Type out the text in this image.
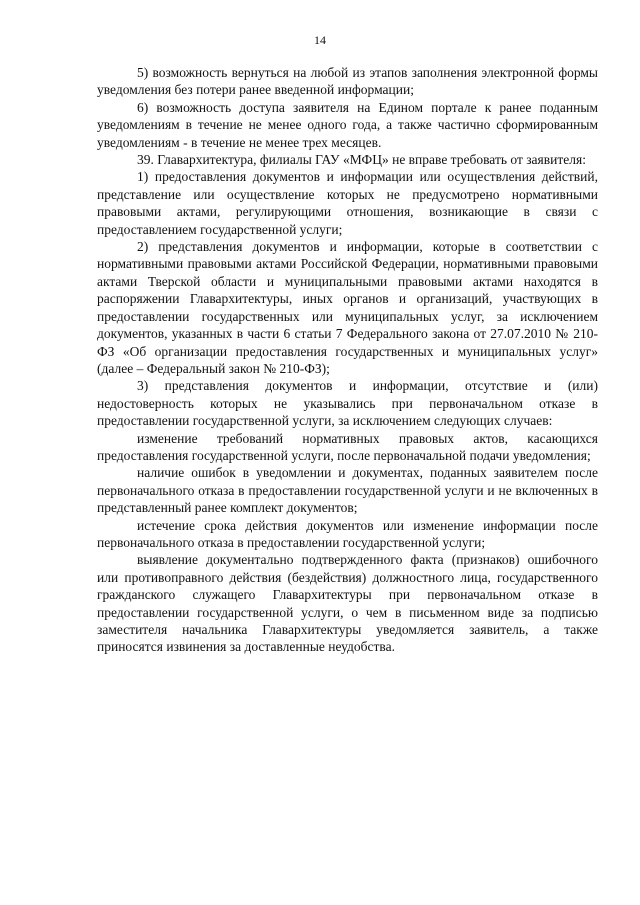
14

5) возможность вернуться на любой из этапов заполнения электронной формы уведомления без потери ранее введенной информации;

6) возможность доступа заявителя на Едином портале к ранее поданным уведомлениям в течение не менее одного года, а также частично сформированным уведомлениям - в течение не менее трех месяцев.

39. Главархитектура, филиалы ГАУ «МФЦ» не вправе требовать от заявителя:

1) предоставления документов и информации или осуществления действий, представление или осуществление которых не предусмотрено нормативными правовыми актами, регулирующими отношения, возникающие в связи с предоставлением государственной услуги;

2) представления документов и информации, которые в соответствии с нормативными правовыми актами Российской Федерации, нормативными правовыми актами Тверской области и муниципальными правовыми актами находятся в распоряжении Главархитектуры, иных органов и организаций, участвующих в предоставлении государственных или муниципальных услуг, за исключением документов, указанных в части 6 статьи 7 Федерального закона от 27.07.2010 № 210-ФЗ «Об организации предоставления государственных и муниципальных услуг» (далее – Федеральный закон № 210-ФЗ);

3) представления документов и информации, отсутствие и (или) недостоверность которых не указывались при первоначальном отказе в предоставлении государственной услуги, за исключением следующих случаев:

изменение требований нормативных правовых актов, касающихся предоставления государственной услуги, после первоначальной подачи уведомления;

наличие ошибок в уведомлении и документах, поданных заявителем после первоначального отказа в предоставлении государственной услуги и не включенных в представленный ранее комплект документов;

истечение срока действия документов или изменение информации после первоначального отказа в предоставлении государственной услуги;

выявление документально подтвержденного факта (признаков) ошибочного или противоправного действия (бездействия) должностного лица, государственного гражданского служащего Главархитектуры при первоначальном отказе в предоставлении государственной услуги, о чем в письменном виде за подписью заместителя начальника Главархитектуры уведомляется заявитель, а также приносятся извинения за доставленные неудобства.
